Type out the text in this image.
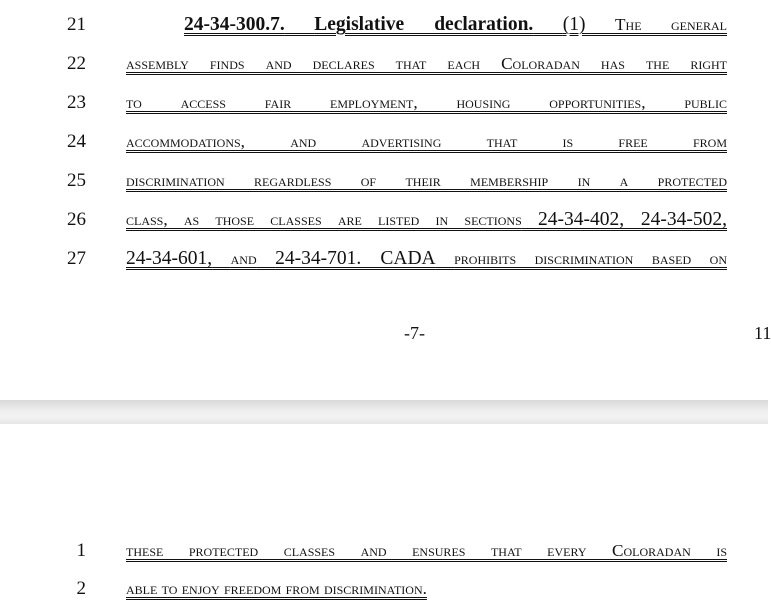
21	24-34-300.7. Legislative declaration. (1) The general
22 assembly finds and declares that each Coloradan has the right
23 to access fair employment, housing opportunities, public
24 accommodations, and advertising that is free from
25 discrimination regardless of their membership in a protected
26 class, as those classes are listed in sections 24-34-402, 24-34-502,
27 24-34-601, and 24-34-701. CADA prohibits discrimination based on
-7-	11
1 these protected classes and ensures that every Coloradan is
2 able to enjoy freedom from discrimination.
